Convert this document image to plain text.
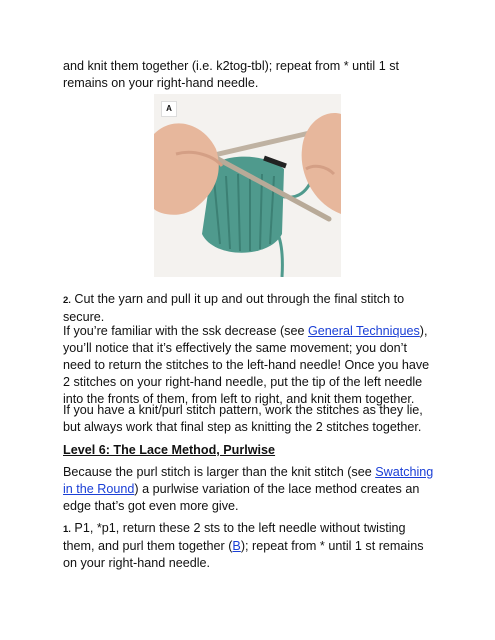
and knit them together (i.e. k2tog-tbl); repeat from * until 1 st remains on your right-hand needle.

A

2. Cut the yarn and pull it up and out through the final stitch to secure.

If you’re familiar with the ssk decrease (see General Techniques), you’ll notice that it’s effectively the same movement; you don’t need to return the stitches to the left-hand needle! Once you have 2 stitches on your right-hand needle, put the tip of the left needle into the fronts of them, from left to right, and knit them together.

If you have a knit/purl stitch pattern, work the stitches as they lie, but always work that final step as knitting the 2 stitches together.

Level 6: The Lace Method, Purlwise

Because the purl stitch is larger than the knit stitch (see Swatching in the Round) a purlwise variation of the lace method creates an edge that’s got even more give.

1. P1, *p1, return these 2 sts to the left needle without twisting them, and purl them together (B); repeat from * until 1 st remains on your right-hand needle.
